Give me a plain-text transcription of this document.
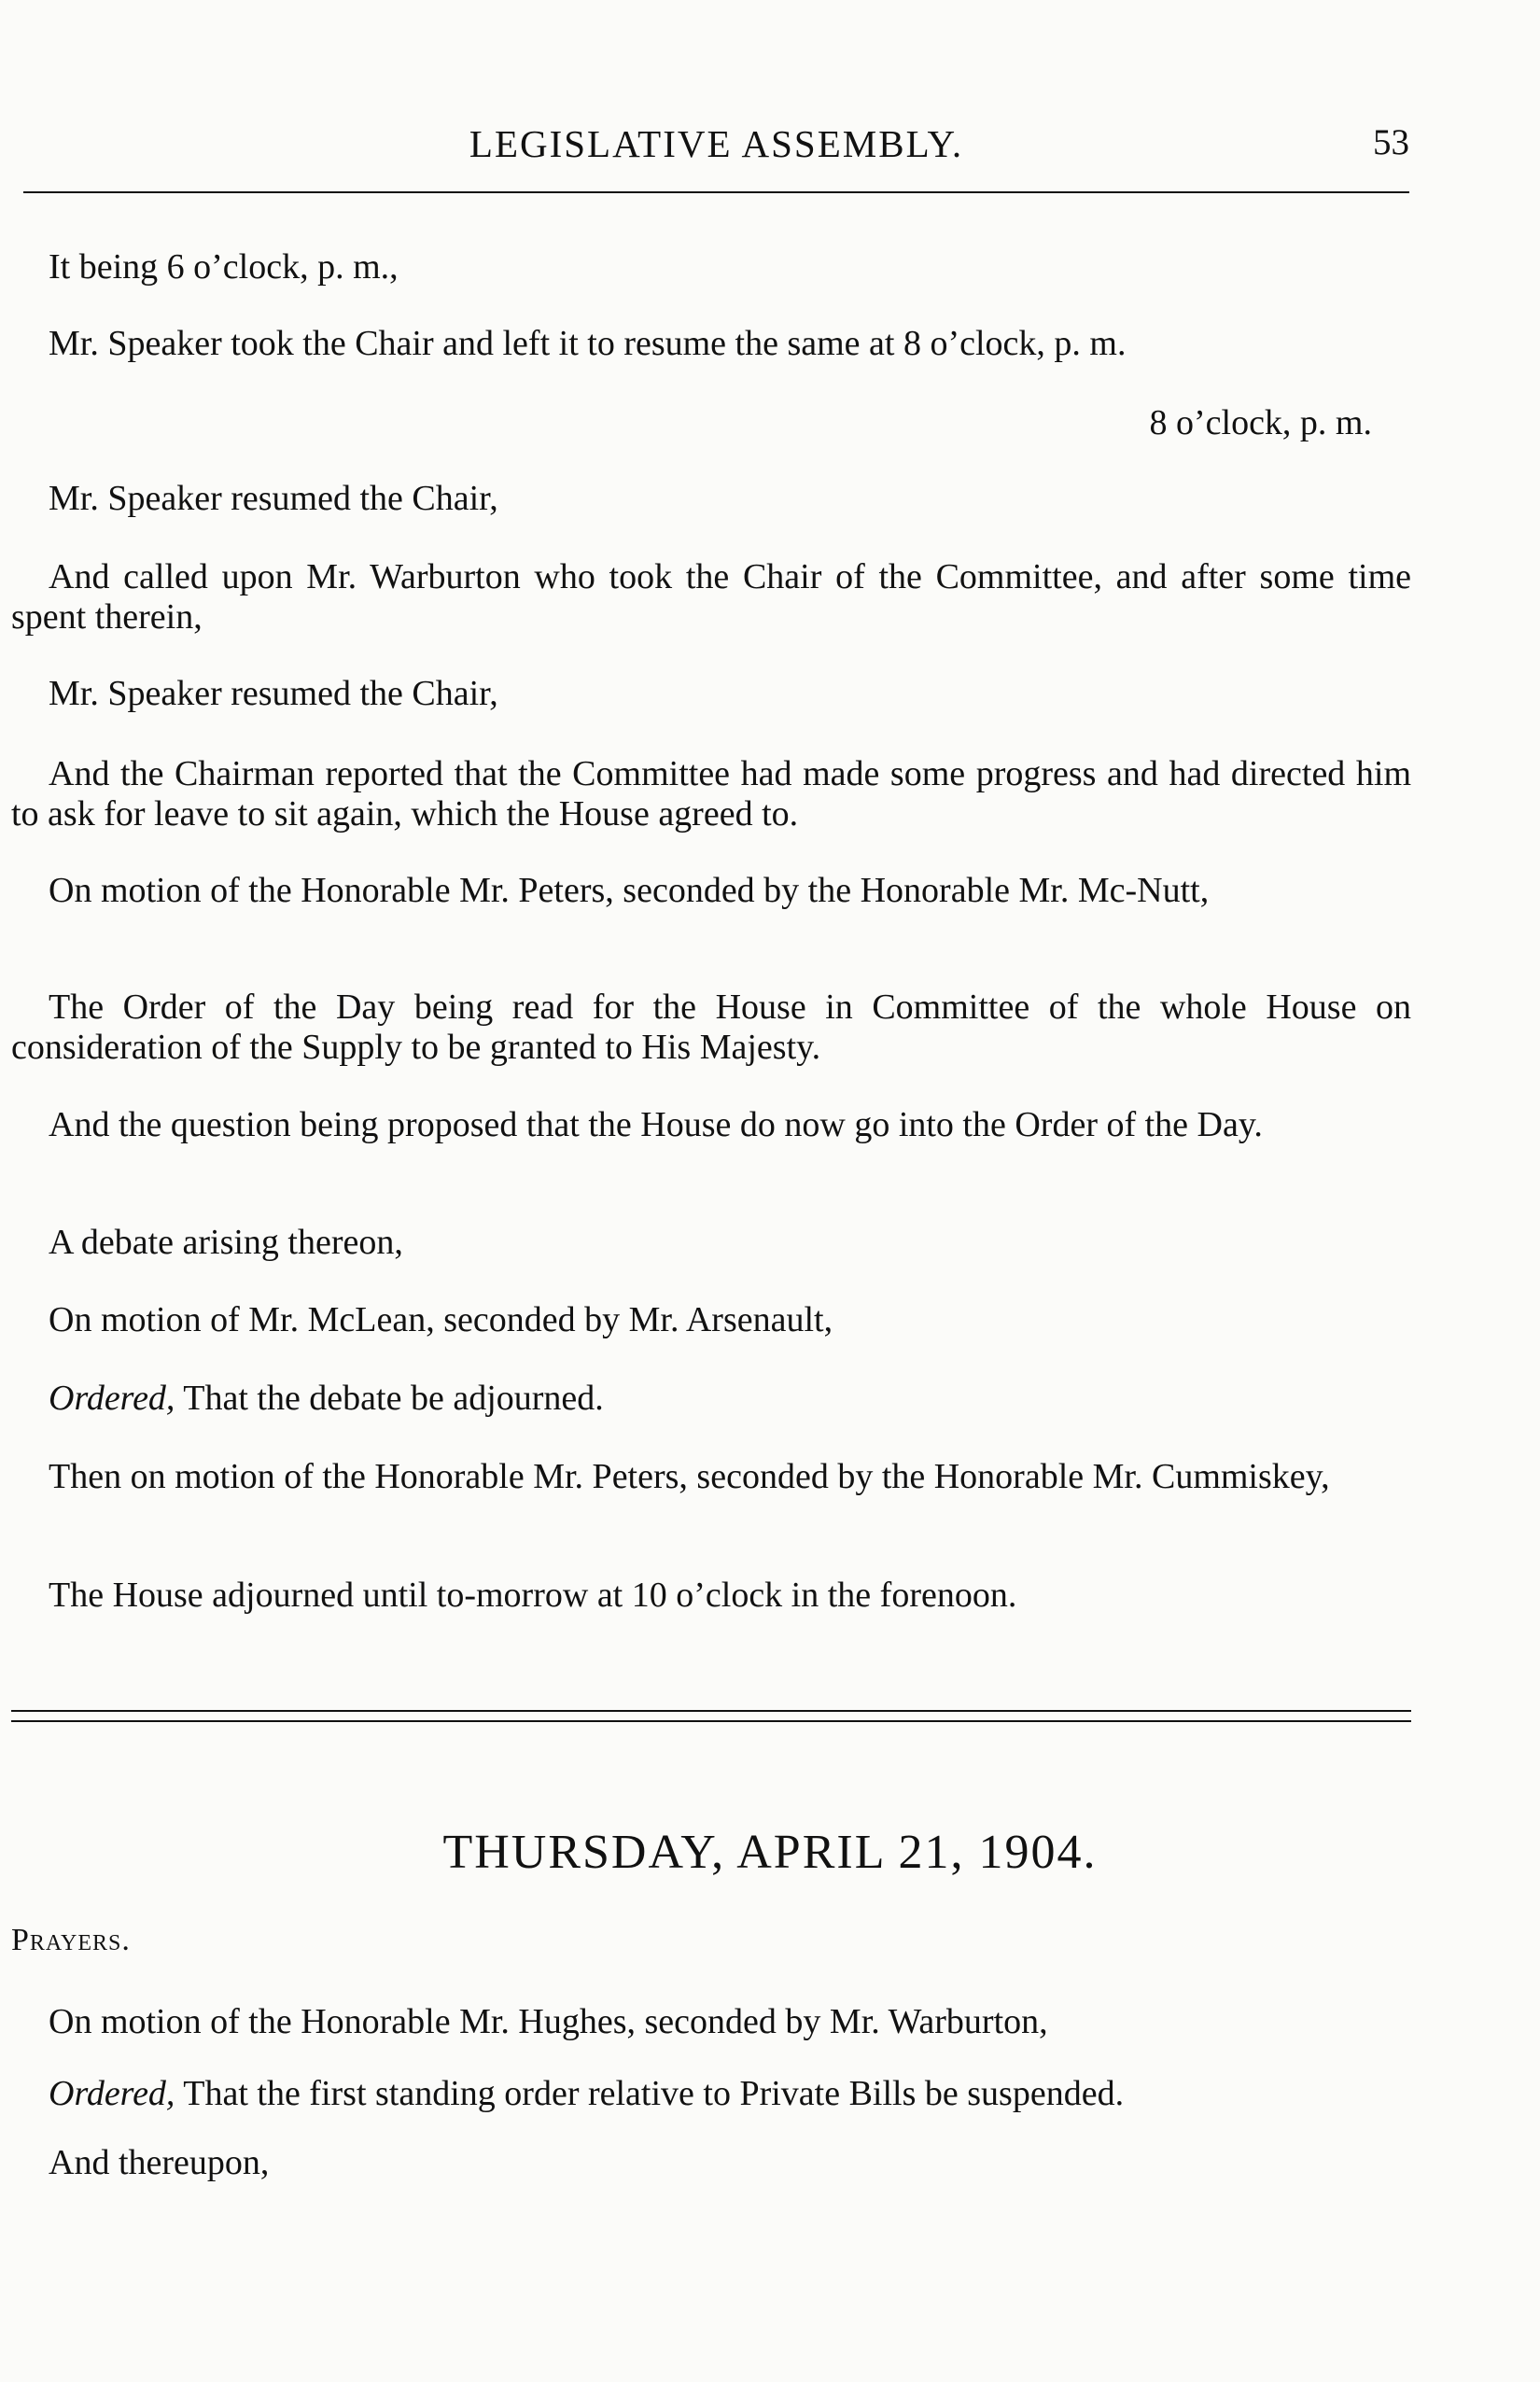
LEGISLATIVE ASSEMBLY.	53

It being 6 o’clock, p. m.,

Mr. Speaker took the Chair and left it to resume the same at 8 o’clock, p. m.

8 o’clock, p. m.

Mr. Speaker resumed the Chair,

And called upon Mr. Warburton who took the Chair of the Committee, and after some time spent therein,

Mr. Speaker resumed the Chair,

And the Chairman reported that the Committee had made some progress and had directed him to ask for leave to sit again, which the House agreed to.

On motion of the Honorable Mr. Peters, seconded by the Honorable Mr. Mc-Nutt,

The Order of the Day being read for the House in Committee of the whole House on consideration of the Supply to be granted to His Majesty.

And the question being proposed that the House do now go into the Order of the Day.

A debate arising thereon,

On motion of Mr. McLean, seconded by Mr. Arsenault,

Ordered, That the debate be adjourned.

Then on motion of the Honorable Mr. Peters, seconded by the Honorable Mr. Cummiskey,

The House adjourned until to-morrow at 10 o’clock in the forenoon.

THURSDAY, APRIL 21, 1904.
Prayers.

On motion of the Honorable Mr. Hughes, seconded by Mr. Warburton,

Ordered, That the first standing order relative to Private Bills be suspended.

And thereupon,
